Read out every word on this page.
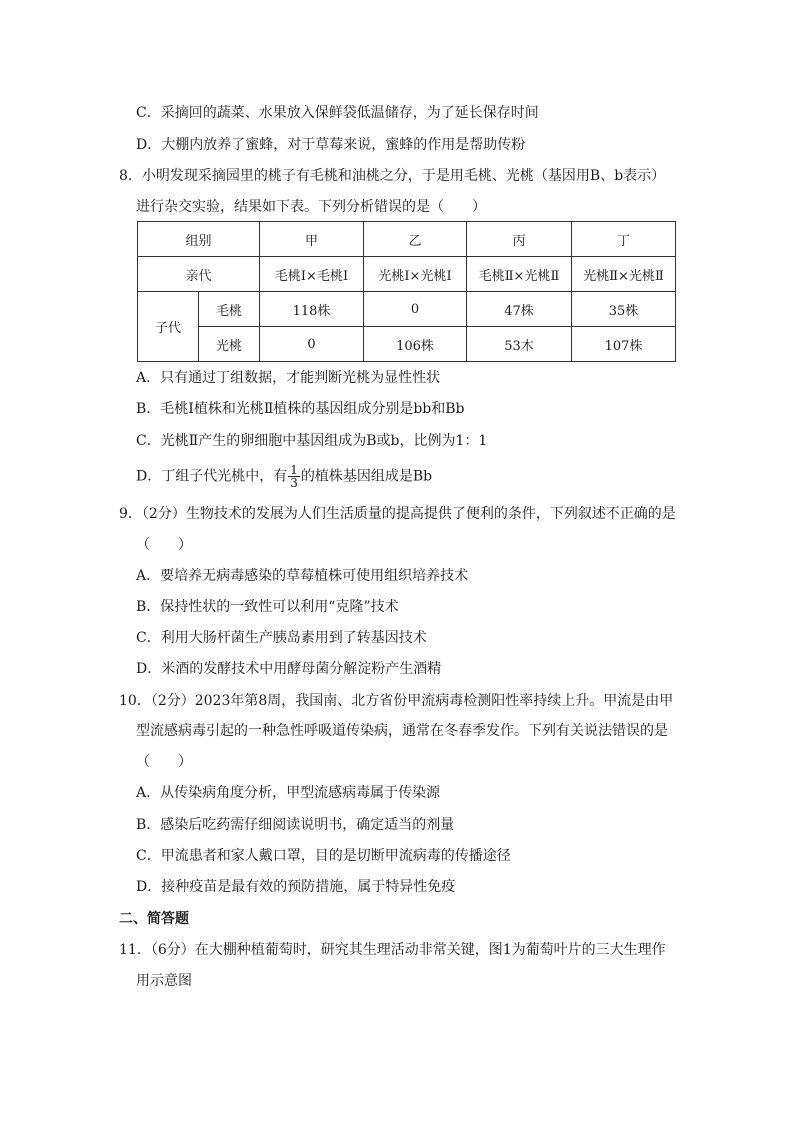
C．采摘回的蔬菜、水果放入保鲜袋低温储存，为了延长保存时间
D．大棚内放养了蜜蜂，对于草莓来说，蜜蜂的作用是帮助传粉
8．小明发现采摘园里的桃子有毛桃和油桃之分，于是用毛桃、光桃（基因用B、b表示）
进行杂交实验，结果如下表。下列分析错误的是（　　）
组别		甲	乙	丙	丁
亲代		毛桃Ⅰ×毛桃Ⅰ	光桃Ⅰ×光桃Ⅰ	毛桃Ⅱ×光桃Ⅱ	光桃Ⅱ×光桃Ⅱ
子代	毛桃	118株	0	47株	35株
	光桃	0	106株	53木	107株
A．只有通过丁组数据，才能判断光桃为显性性状
B．毛桃Ⅰ植株和光桃Ⅱ植株的基因组成分别是bb和Bb
C．光桃Ⅱ产生的卵细胞中基因组成为B或b，比例为1：1
D．丁组子代光桃中，有 $\frac{1}{3}$ 的植株基因组成是Bb
9．（2分）生物技术的发展为人们生活质量的提高提供了便利的条件，下列叙述不正确的是
（　　）
A．要培养无病毒感染的草莓植株可使用组织培养技术
B．保持性状的一致性可以利用“克隆”技术
C．利用大肠杆菌生产胰岛素用到了转基因技术
D．米酒的发酵技术中用酵母菌分解淀粉产生酒精
10．（2分）2023年第8周，我国南、北方省份甲流病毒检测阳性率持续上升。甲流是由甲
型流感病毒引起的一种急性呼吸道传染病，通常在冬春季发作。下列有关说法错误的是
（　　）
A．从传染病角度分析，甲型流感病毒属于传染源
B．感染后吃药需仔细阅读说明书，确定适当的剂量
C．甲流患者和家人戴口罩，目的是切断甲流病毒的传播途径
D．接种疫苗是最有效的预防措施，属于特异性免疫
二、简答题
11．（6分）在大棚种植葡萄时，研究其生理活动非常关键，图1为葡萄叶片的三大生理作
用示意图
